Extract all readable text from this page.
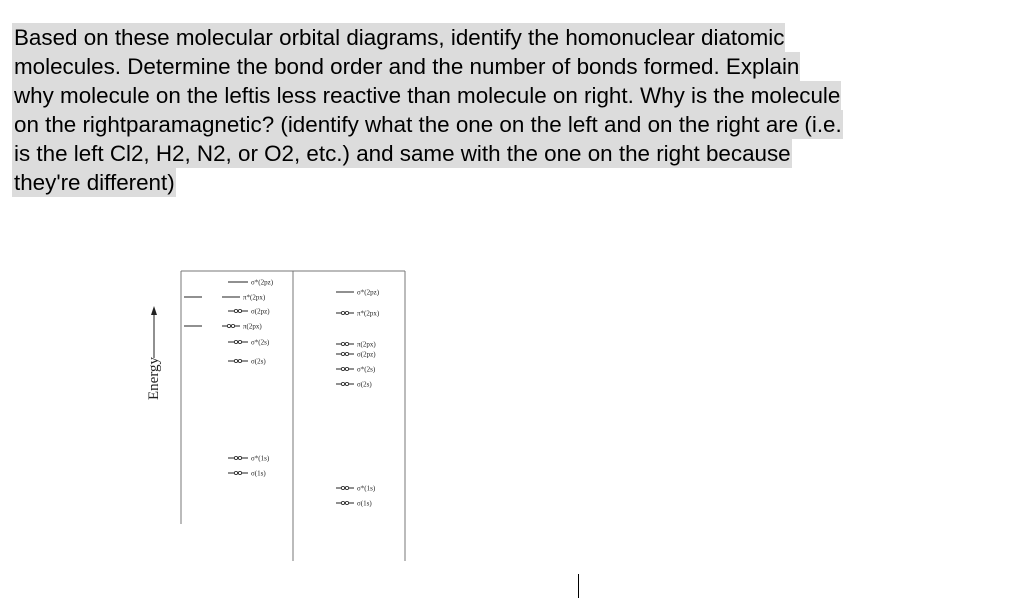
Based on these molecular orbital diagrams, identify the homonuclear diatomic
molecules. Determine the bond order and the number of bonds formed. Explain
why molecule on the leftis less reactive than molecule on right. Why is the molecule
on the rightparamagnetic? (identify what the one on the left and on the right are (i.e.
is the left Cl2, H2, N2, or O2, etc.) and same with the one on the right because
they're different)
Energy
σ*(2pz)
π*(2px)
σ(2pz)
π(2px)
σ*(2s)
σ(2s)
σ*(1s)
σ(1s)
σ*(2pz)
π*(2px)
π(2px)
σ(2pz)
σ*(2s)
σ(2s)
σ*(1s)
σ(1s)
